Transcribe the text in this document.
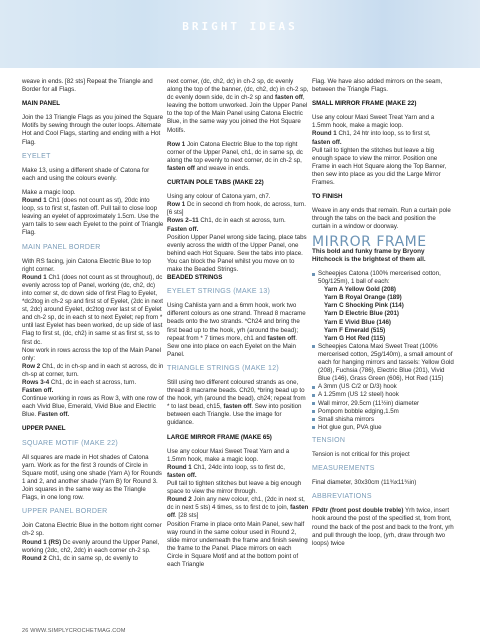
BRIGHT IDEAS

weave in ends. [82 sts] Repeat the Triangle and Border for all Flags.

MAIN PANEL

Join the 13 Triangle Flags as you joined the Square Motifs by sewing through the outer loops. Alternate Hot and Cool Flags, starting and ending with a Hot Flag.

EYELET

Make 13, using a different shade of Catona for each and using the colours evenly.

Make a magic loop.

Round 1 Ch1 (does not count as st), 20dc into loop, ss to first st, fasten off. Pull tail to close loop leaving an eyelet of approximately 1.5cm. Use the yarn tails to sew each Eyelet to the point of Triangle Flag.

MAIN PANEL BORDER

With RS facing, join Catona Electric Blue to top right corner.

Round 1 Ch1 (does not count as st throughout), dc evenly across top of Panel, working (dc, ch2, dc) into corner st, dc down side of first Flag to Eyelet, *dc2tog in ch-2 sp and first st of Eyelet, (2dc in next st, 2dc) around Eyelet, dc2tog over last st of Eyelet and ch-2 sp, dc in each st to next Eyelet; rep from * until last Eyelet has been worked, dc up side of last Flag to first st, (dc, ch2) in same st as first st, ss to first dc.

Now work in rows across the top of the Main Panel only:

Row 2 Ch1, dc in ch-sp and in each st across, dc in ch-sp at corner, turn.

Rows 3-4 Ch1, dc in each st across, turn.

Fasten off.

Continue working in rows as Row 3, with one row of each Vivid Blue, Emerald, Vivid Blue and Electric Blue. Fasten off.

UPPER PANEL

SQUARE MOTIF (MAKE 22)

All squares are made in Hot shades of Catona yarn. Work as for the first 3 rounds of Circle in Square motif, using one shade (Yarn A) for Rounds 1 and 2, and another shade (Yarn B) for Round 3. Join squares in the same way as the Triangle Flags, in one long row.

UPPER PANEL BORDER

Join Catona Electric Blue in the bottom right corner ch-2 sp.

Round 1 (RS) Dc evenly around the Upper Panel, working (2dc, ch2, 2dc) in each corner ch-2 sp.

Round 2 Ch1, dc in same sp, dc evenly to

next corner, (dc, ch2, dc) in ch-2 sp, dc evenly along the top of the banner, (dc, ch2, dc) in ch-2 sp, dc evenly down side, dc in ch-2 sp and fasten off, leaving the bottom unworked. Join the Upper Panel to the top of the Main Panel using Catona Electric Blue, in the same way you joined the Hot Square Motifs.

Row 1 Join Catona Electric Blue to the top right corner of the Upper Panel, ch1, dc in same sp, dc along the top evenly to next corner, dc in ch-2 sp, fasten off and weave in ends.

CURTAIN POLE TABS (MAKE 22)

Using any colour of Catona yarn, ch7.

Row 1 Dc in second ch from hook, dc across, turn. [6 sts]

Rows 2–11 Ch1, dc in each st across, turn.

Fasten off.

Position Upper Panel wrong side facing, place tabs evenly across the width of the Upper Panel, one behind each Hot Square. Sew the tabs into place.

You can block the Panel whilst you move on to make the Beaded Strings.

BEADED STRINGS

EYELET STRINGS (MAKE 13)

Using Cahlista yarn and a 6mm hook, work two different colours as one strand. Thread 8 macrame beads onto the two strands. *Ch24 and bring the first bead up to the hook, yrh (around the bead); repeat from * 7 times more, ch1 and fasten off. Sew one into place on each Eyelet on the Main Panel.

TRIANGLE STRINGS (MAKE 12)

Still using two different coloured strands as one, thread 8 macrame beads. Ch20, *bring bead up to the hook, yrh (around the bead), ch24; repeat from * to last bead, ch15, fasten off. Sew into position between each Triangle. Use the image for guidance.

LARGE MIRROR FRAME (MAKE 65)

Use any colour Maxi Sweet Treat Yarn and a 1.5mm hook, make a magic loop.

Round 1 Ch1, 24dc into loop, ss to first dc,

fasten off.

Pull tail to tighten stitches but leave a big enough space to view the mirror through.

Round 2 Join any new colour, ch1, (2dc in next st, dc in next 5 sts) 4 times, ss to first dc to join, fasten off. [28 sts]

Position Frame in place onto Main Panel, sew half way round in the same colour used in Round 2, slide mirror underneath the frame and finish sewing the frame to the Panel. Place mirrors on each Circle in Square Motif and at the bottom point of each Triangle

Flag. We have also added mirrors on the seam, between the Triangle Flags.

SMALL MIRROR FRAME (MAKE 22)

Use any colour Maxi Sweet Treat Yarn and a 1.5mm hook, make a magic loop.

Round 1 Ch1, 24 htr into loop, ss to first st,

fasten off.

Pull tail to tighten the stitches but leave a big enough space to view the mirror. Position one Frame in each Hot Square along the Top Banner, then sew into place as you did the Large Mirror Frames.

TO FINISH

Weave in any ends that remain. Run a curtain pole through the tabs on the back and position the curtain in a window or doorway.

MIRROR FRAME

This bold and funky frame by Bryony Hitchcock is the brightest of them all.

Scheepjes Catona (100% mercerised cotton, 50g/125m), 1 ball of each:
Yarn A Yellow Gold (208)
Yarn B Royal Orange (189)
Yarn C Shocking Pink (114)
Yarn D Electric Blue (201)
Yarn E Vivid Blue (146)
Yarn F Emerald (515)
Yarn G Hot Red (115)
Scheepjes Catona Maxi Sweet Treat (100% mercerised cotton, 25g/140m), a small amount of each for hanging mirrors and tassels: Yellow Gold (208), Fuchsia (786), Electric Blue (201), Vivid Blue (146), Grass Green (606), Hot Red (115)
A 3mm (US C/2 or D/3) hook
A 1.25mm (US 12 steel) hook
Wall mirror, 29.5cm (11½in) diameter
Pompom bobble edging,1.5m
Small shisha mirrors
Hot glue gun, PVA glue

TENSION

Tension is not critical for this project

MEASUREMENTS

Final diameter, 30x30cm (11¾x11¾in)

ABBREVIATIONS

FPdtr (front post double treble) Yrh twice, insert hook around the post of the specified st, from front, round the back of the post and back to the front, yrh and pull through the loop, (yrh, draw through two loops) twice

26 WWW.SIMPLYCROCHETMAG.COM
